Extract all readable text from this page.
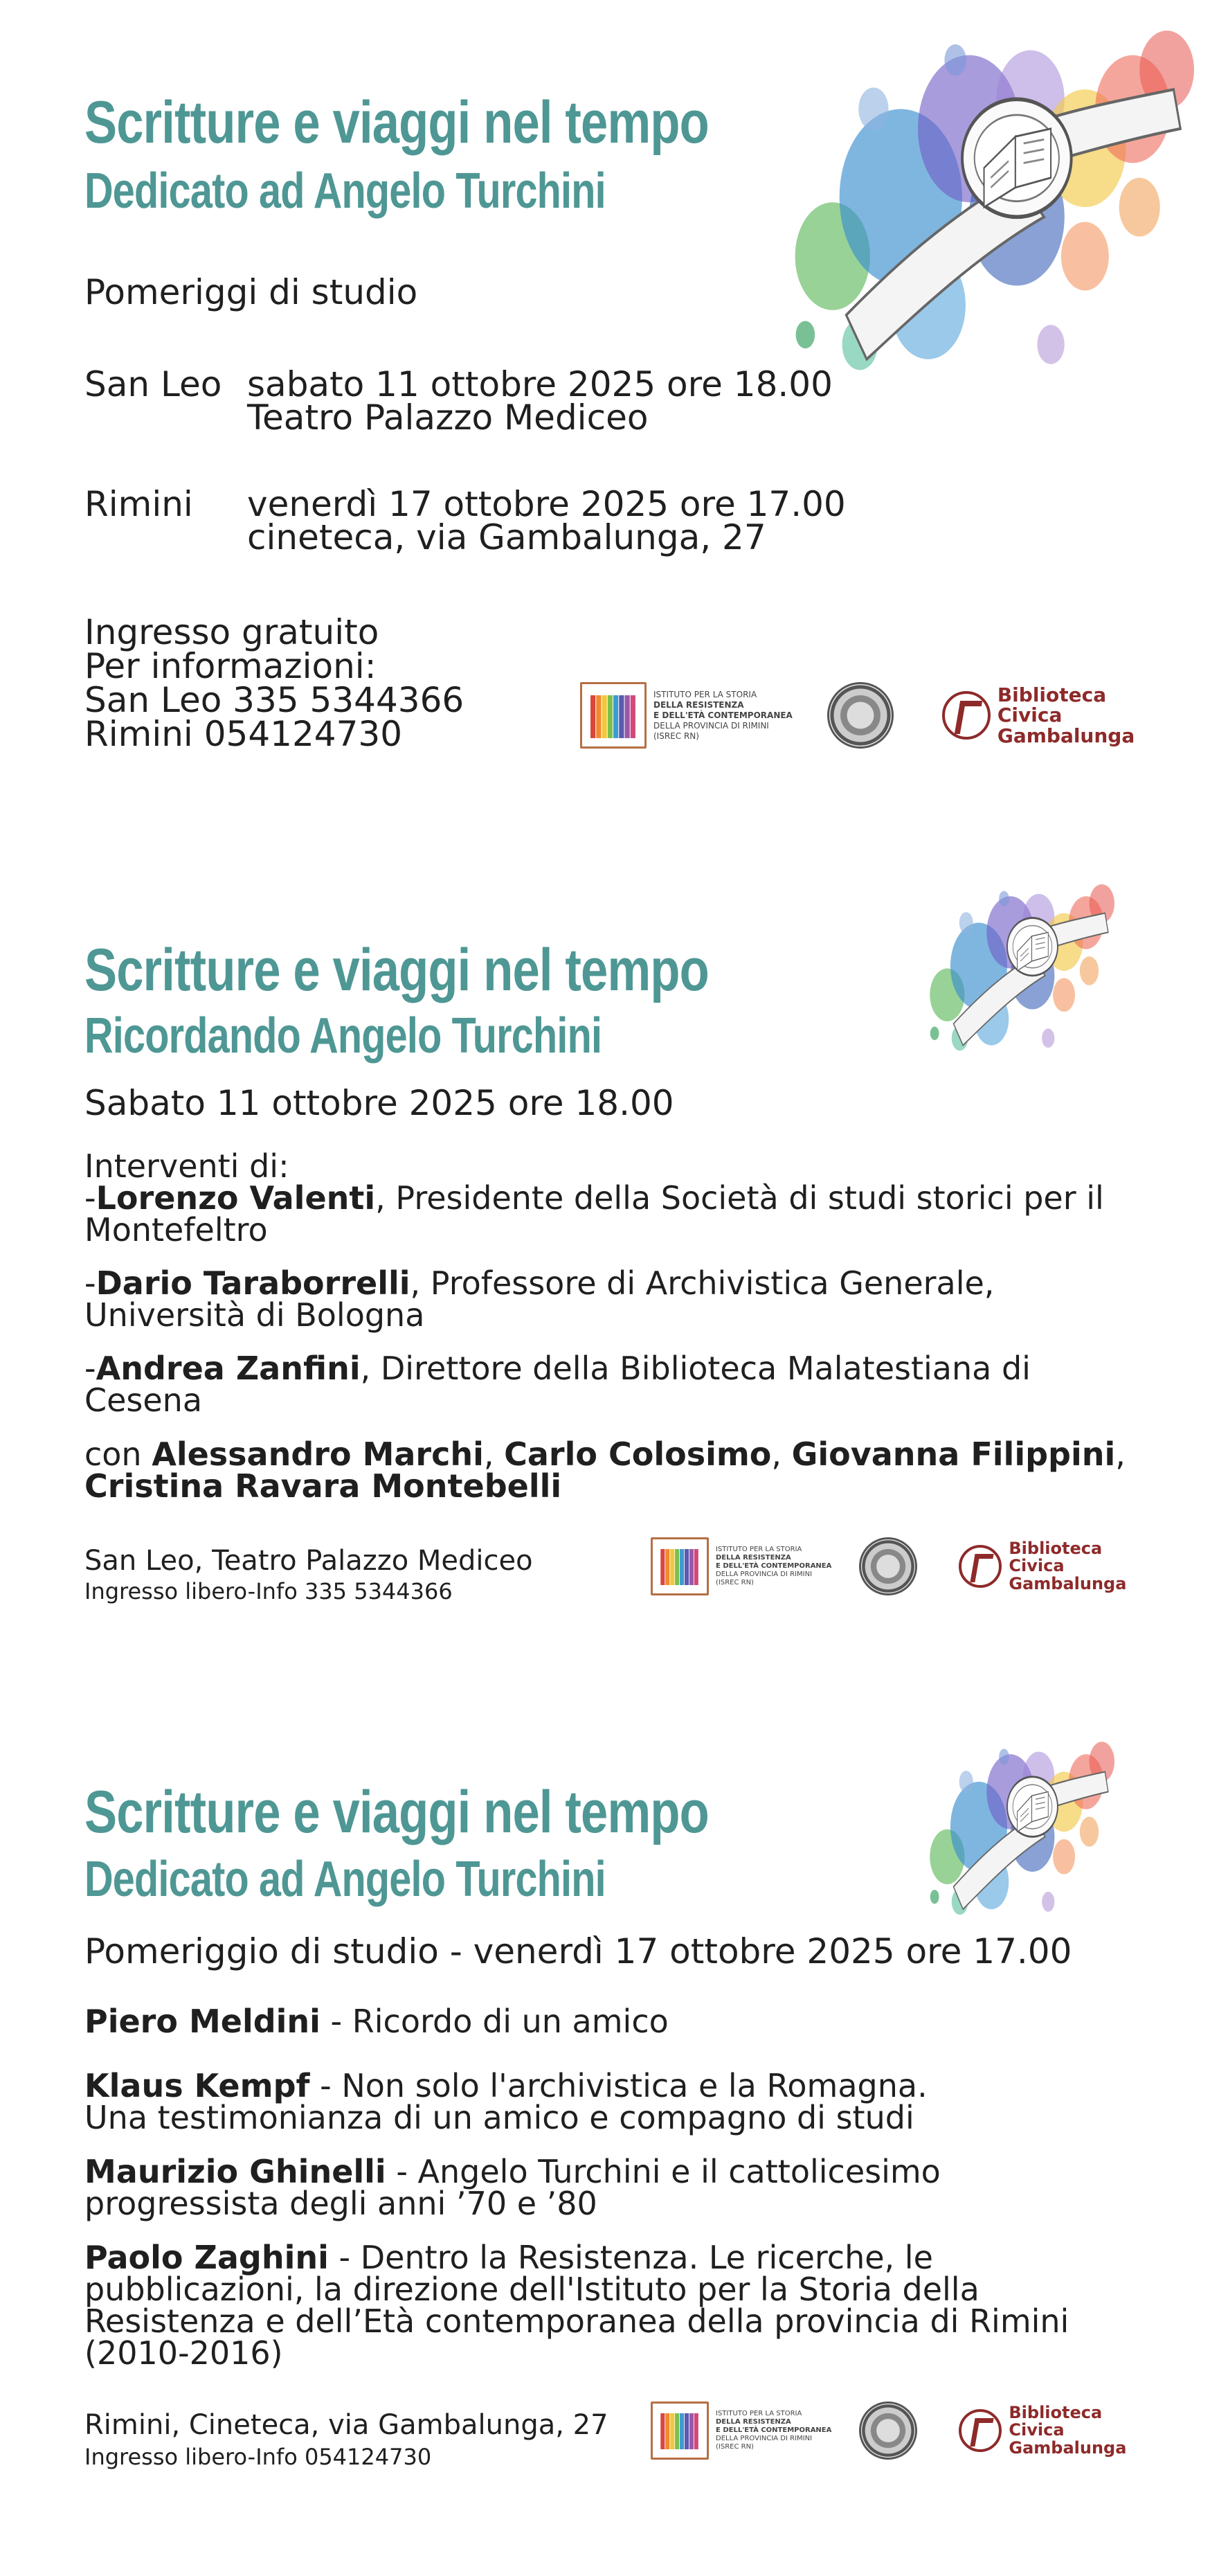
Scritture e viaggi nel tempo
Dedicato ad Angelo Turchini
Pomeriggi di studio
San Leo sabato 11 ottobre 2025 ore 18.00
Teatro Palazzo Mediceo
Rimini venerdì 17 ottobre 2025 ore 17.00
cineteca, via Gambalunga, 27
Ingresso gratuito
Per informazioni:
San Leo 335 5344366
Rimini 054124730
ISTITUTO PER LA STORIA
DELLA RESISTENZA
E DELL'ETÀ CONTEMPORANEA
DELLA PROVINCIA DI RIMINI
(ISREC RN)
Biblioteca
Civica
Gambalunga
Scritture e viaggi nel tempo
Ricordando Angelo Turchini
Sabato 11 ottobre 2025 ore 18.00
Interventi di:
-Lorenzo Valenti, Presidente della Società di studi storici per il
Montefeltro
-Dario Taraborrelli, Professore di Archivistica Generale,
Università di Bologna
-Andrea Zanfini, Direttore della Biblioteca Malatestiana di
Cesena
con Alessandro Marchi, Carlo Colosimo, Giovanna Filippini,
Cristina Ravara Montebelli
San Leo, Teatro Palazzo Mediceo
Ingresso libero-Info 335 5344366
ISTITUTO PER LA STORIA
DELLA RESISTENZA
E DELL'ETÀ CONTEMPORANEA
DELLA PROVINCIA DI RIMINI
(ISREC RN)
Biblioteca
Civica
Gambalunga
Scritture e viaggi nel tempo
Dedicato ad Angelo Turchini
Pomeriggio di studio - venerdì 17 ottobre 2025 ore 17.00
Piero Meldini - Ricordo di un amico
Klaus Kempf - Non solo l'archivistica e la Romagna.
Una testimonianza di un amico e compagno di studi
Maurizio Ghinelli - Angelo Turchini e il cattolicesimo
progressista degli anni ’70 e ’80
Paolo Zaghini - Dentro la Resistenza. Le ricerche, le
pubblicazioni, la direzione dell'Istituto per la Storia della
Resistenza e dell’Età contemporanea della provincia di Rimini
(2010-2016)
Rimini, Cineteca, via Gambalunga, 27
Ingresso libero-Info 054124730
ISTITUTO PER LA STORIA
DELLA RESISTENZA
E DELL'ETÀ CONTEMPORANEA
DELLA PROVINCIA DI RIMINI
(ISREC RN)
Biblioteca
Civica
Gambalunga
